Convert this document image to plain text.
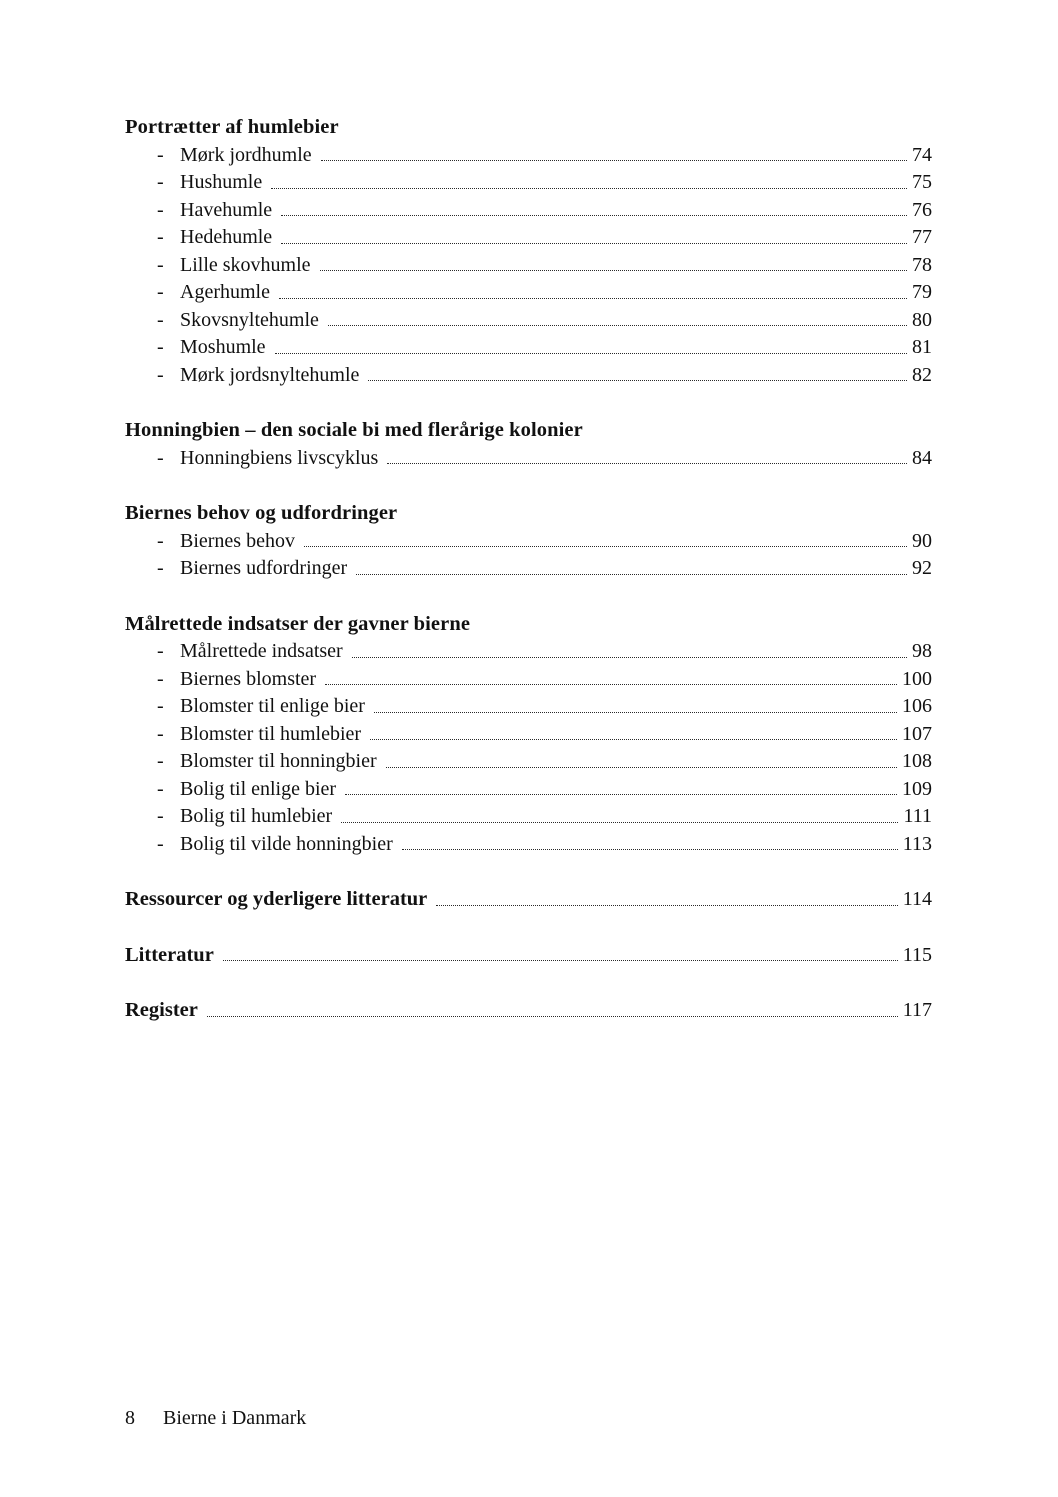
Portrætter af humlebier
- Mørk jordhumle	74
- Hushumle	75
- Havehumle	76
- Hedehumle	77
- Lille skovhumle	78
- Agerhumle	79
- Skovsnyltehumle	80
- Moshumle	81
- Mørk jordsnyltehumle	82
Honningbien – den sociale bi med flerårige kolonier
- Honningbiens livscyklus	84
Biernes behov og udfordringer
- Biernes behov	90
- Biernes udfordringer	92
Målrettede indsatser der gavner bierne
- Målrettede indsatser	98
- Biernes blomster	100
- Blomster til enlige bier	106
- Blomster til humlebier	107
- Blomster til honningbier	108
- Bolig til enlige bier	109
- Bolig til humlebier	111
- Bolig til vilde honningbier	113
Ressourcer og yderligere litteratur	114
Litteratur	115
Register	117
8	Bierne i Danmark
